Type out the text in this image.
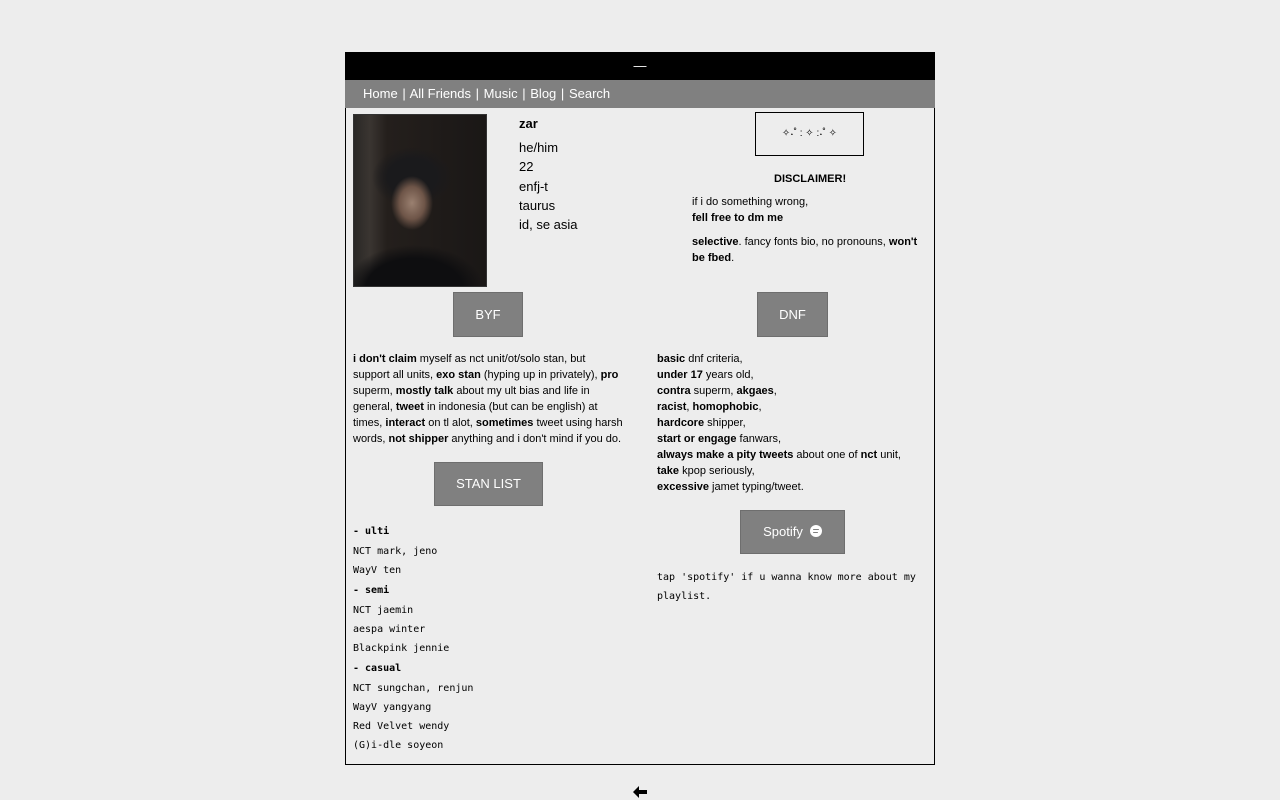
—
Home | All Friends | Music | Blog | Search
zar
he/him
22
enfj-t
taurus
id, se asia
✧˖˚ : ✧ :˖˚ ✧
DISCLAIMER!
if i do something wrong,
fell free to dm me
selective. fancy fonts bio, no pronouns, won't be fbed.
BYF	DNF
i don't claim myself as nct unit/ot/solo stan, but support all units, exo stan (hyping up in privately), pro superm, mostly talk about my ult bias and life in general, tweet in indonesia (but can be english) at times, interact on tl alot, sometimes tweet using harsh words, not shipper anything and i don't mind if you do.
basic dnf criteria,
under 17 years old,
contra superm, akgaes,
racist, homophobic,
hardcore shipper,
start or engage fanwars,
always make a pity tweets about one of nct unit,
take kpop seriously,
excessive jamet typing/tweet.
STAN LIST
Spotify
- ulti
NCT mark, jeno
WayV ten
- semi
NCT jaemin
aespa winter
Blackpink jennie
- casual
NCT sungchan, renjun
WayV yangyang
Red Velvet wendy
(G)i-dle soyeon
tap 'spotify' if u wanna know more about my playlist.
